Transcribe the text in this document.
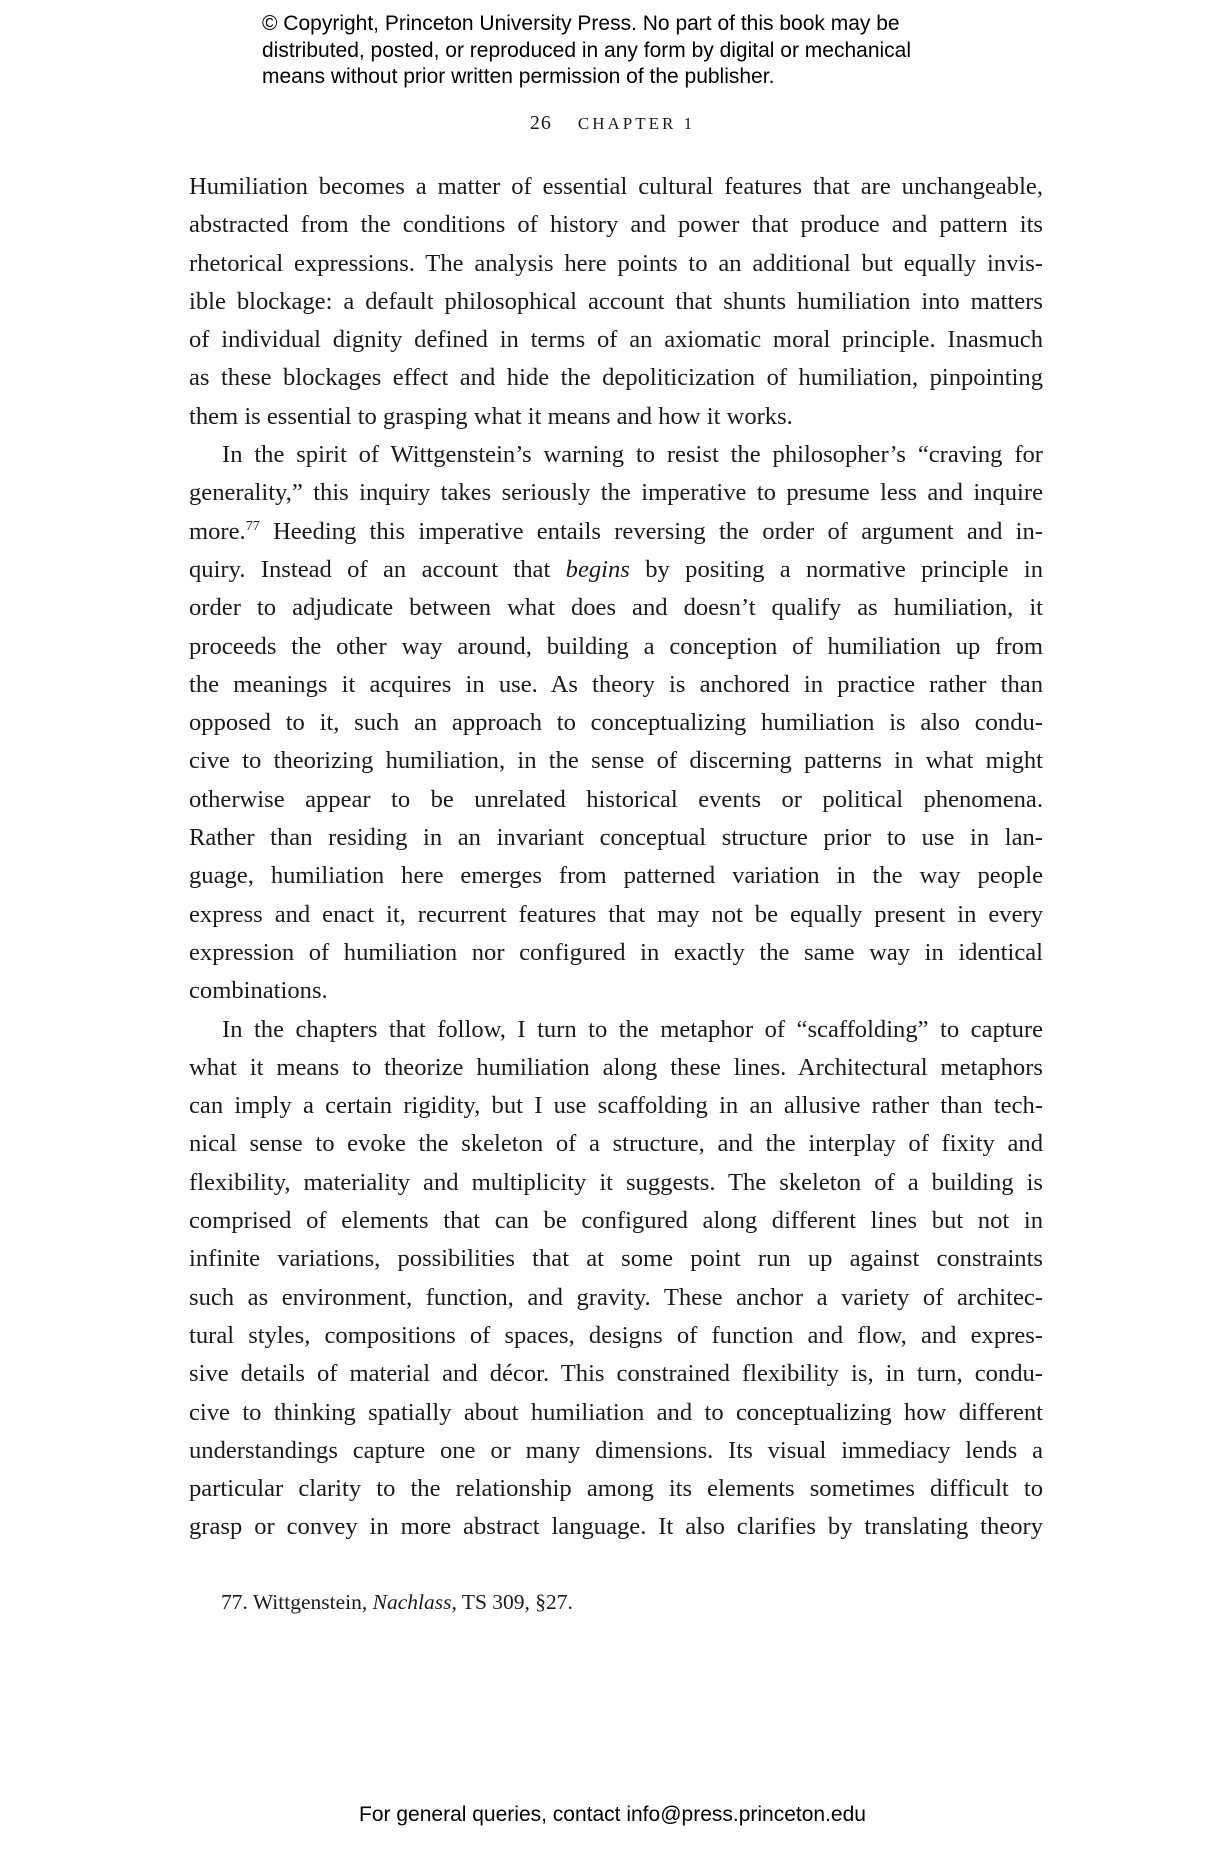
© Copyright, Princeton University Press. No part of this book may be
distributed, posted, or reproduced in any form by digital or mechanical
means without prior written permission of the publisher.
26 CHAPTER 1
Humiliation becomes a matter of essential cultural features that are unchangeable,
abstracted from the conditions of history and power that produce and pattern its
rhetorical expressions. The analysis here points to an additional but equally invis-
ible blockage: a default philosophical account that shunts humiliation into matters
of individual dignity defined in terms of an axiomatic moral principle. Inasmuch
as these blockages effect and hide the depoliticization of humiliation, pinpointing
them is essential to grasping what it means and how it works.
In the spirit of Wittgenstein’s warning to resist the philosopher’s “craving for
generality,” this inquiry takes seriously the imperative to presume less and inquire
more.$^{77}$ Heeding this imperative entails reversing the order of argument and in-
quiry. Instead of an account that begins by positing a normative principle in
order to adjudicate between what does and doesn’t qualify as humiliation, it
proceeds the other way around, building a conception of humiliation up from
the meanings it acquires in use. As theory is anchored in practice rather than
opposed to it, such an approach to conceptualizing humiliation is also condu-
cive to theorizing humiliation, in the sense of discerning patterns in what might
otherwise appear to be unrelated historical events or political phenomena.
Rather than residing in an invariant conceptual structure prior to use in lan-
guage, humiliation here emerges from patterned variation in the way people
express and enact it, recurrent features that may not be equally present in every
expression of humiliation nor configured in exactly the same way in identical
combinations.
In the chapters that follow, I turn to the metaphor of “scaffolding” to capture
what it means to theorize humiliation along these lines. Architectural metaphors
can imply a certain rigidity, but I use scaffolding in an allusive rather than tech-
nical sense to evoke the skeleton of a structure, and the interplay of fixity and
flexibility, materiality and multiplicity it suggests. The skeleton of a building is
comprised of elements that can be configured along different lines but not in
infinite variations, possibilities that at some point run up against constraints
such as environment, function, and gravity. These anchor a variety of architec-
tural styles, compositions of spaces, designs of function and flow, and expres-
sive details of material and décor. This constrained flexibility is, in turn, condu-
cive to thinking spatially about humiliation and to conceptualizing how different
understandings capture one or many dimensions. Its visual immediacy lends a
particular clarity to the relationship among its elements sometimes difficult to
grasp or convey in more abstract language. It also clarifies by translating theory
77. Wittgenstein, Nachlass, TS 309, §27.
For general queries, contact info@press.princeton.edu
